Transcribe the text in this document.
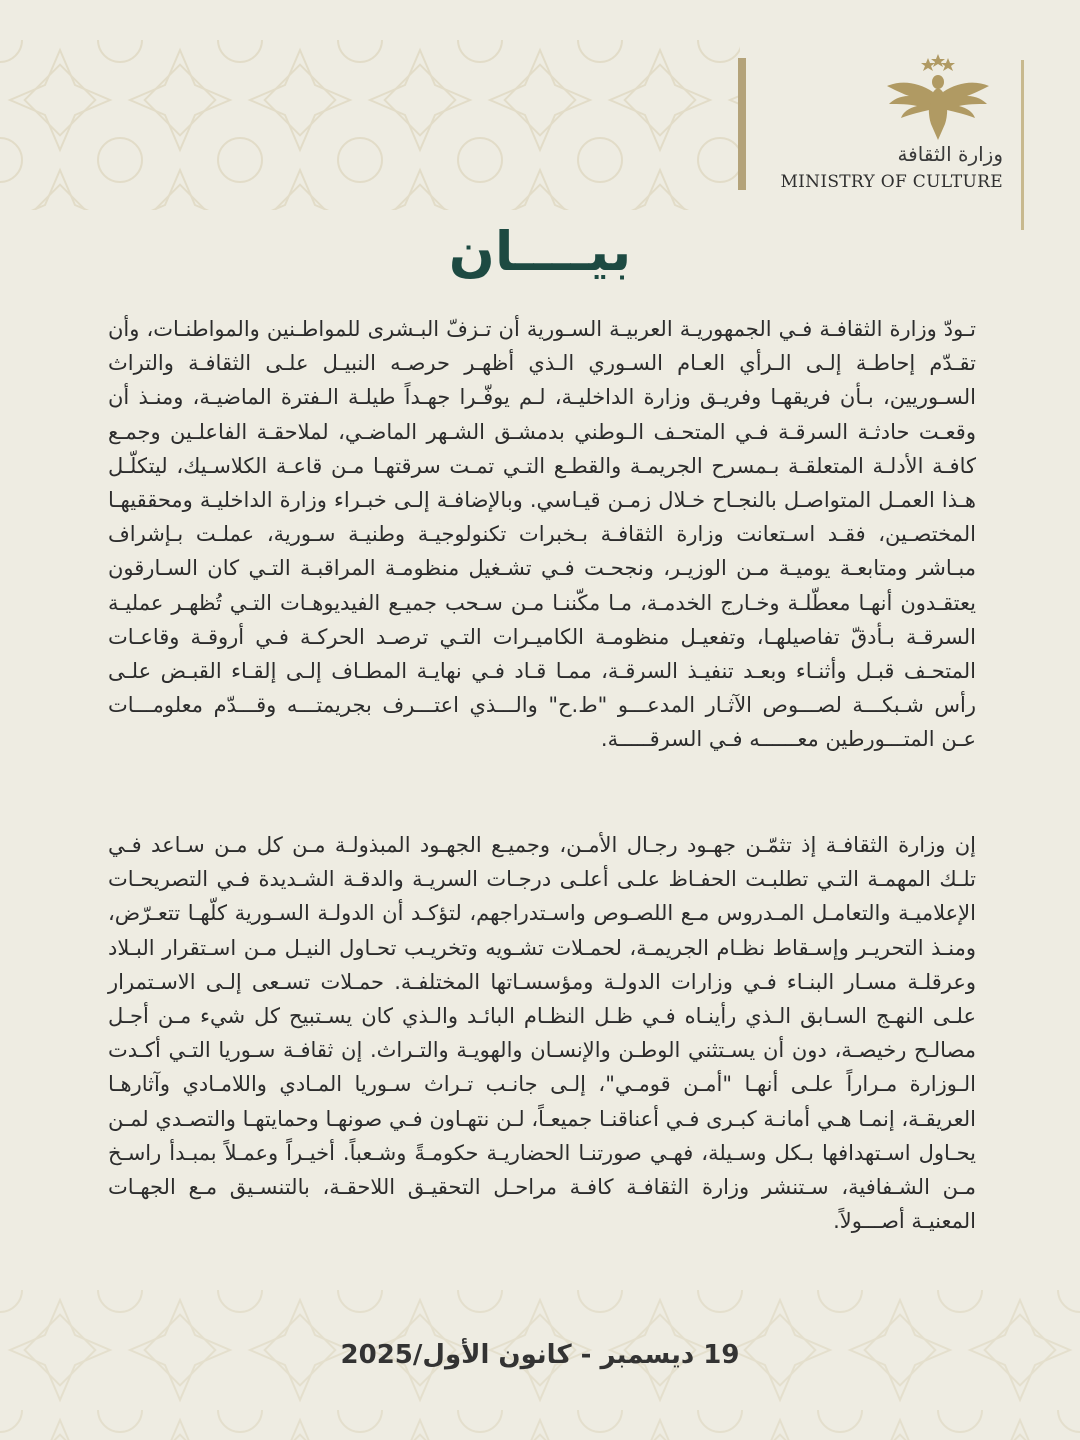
وزارة الثقافة
MINISTRY OF CULTURE
بيــــان

تـودّ وزارة الثقافـة فـي الجمهوريـة العربيـة السـورية أن تـزفّ البـشرى للمواطـنين والمواطنـات، وأن تقـدّم إحاطـة إلـى الـرأي العـام السـوري الـذي أظهـر حرصـه النبيـل علـى الثقافـة والتراث السـوريين، بـأن فريقهـا وفريـق وزارة الداخليـة، لـم يوفّـرا جهـداً طيلـة الـفترة الماضيـة، ومنـذ أن وقعـت حادثـة السرقـة فـي المتحـف الـوطني بدمشـق الشـهر الماضـي، لملاحقـة الفاعلـين وجمـع كافـة الأدلـة المتعلقـة بـمسرح الجريمـة والقطـع التـي تمـت سرقتهـا مـن قاعـة الكلاسـيك، ليتكلّـل هـذا العمـل المتواصـل بالنجـاح خـلال زمـن قيـاسي. وبالإضافـة إلـى خبـراء وزارة الداخليـة ومحققيهـا المختصـين، فقـد اسـتعانت وزارة الثقافـة بـخبرات تكنولوجيـة وطنيـة سـورية، عملـت بـإشراف مبـاشر ومتابعـة يوميـة مـن الوزيـر، ونجحـت فـي تشـغيل منظومـة المراقبـة التـي كان السـارقون يعتقـدون أنهـا معطّلـة وخـارج الخدمـة، مـا مكّننـا مـن سـحب جميـع الفيديوهـات التـي تُظهـر عمليـة السرقـة بـأدقّ تفاصيلهـا، وتفعيـل منظومـة الكاميـرات التـي ترصـد الحركـة فـي أروقـة وقاعـات المتحـف قبـل وأثنـاء وبعـد تنفيـذ السرقـة، ممـا قـاد فـي نهايـة المطـاف إلـى إلقـاء القبـض علـى رأس شـبكـــة لصـــوص الآثـار المدعـــو "ط.ح" والـــذي اعتـــرف بجريمتـــه وقـــدّم معلومـــات عـن المتـــورطين معــــــه فـي السرقـــــة.

إن وزارة الثقافـة إذ تثمّـن جهـود رجـال الأمـن، وجميـع الجهـود المبذولـة مـن كل مـن سـاعد فـي تلـك المهمـة التـي تطلبـت الحفـاظ علـى أعلـى درجـات السريـة والدقـة الشـديدة فـي التصريحـات الإعلاميـة والتعامـل المـدروس مـع اللصـوص واسـتدراجهم، لتؤكـد أن الدولـة السـورية كلّهـا تتعـرّض، ومنـذ التحريـر وإسـقاط نظـام الجريمـة، لحمـلات تشـويه وتخريـب تحـاول النيـل مـن اسـتقرار البـلاد وعرقلـة مسـار البنـاء فـي وزارات الدولـة ومؤسسـاتها المختلفـة. حمـلات تسـعى إلـى الاسـتمرار علـى النهـج السـابق الـذي رأينـاه فـي ظـل النظـام البائـد والـذي كان يسـتبيح كل شيء مـن أجـل مصالـح رخيصـة، دون أن يسـتثني الوطـن والإنسـان والهويـة والتـراث. إن ثقافـة سـوريا التـي أكـدت الـوزارة مـراراً علـى أنهـا "أمـن قومـي"، إلـى جانـب تـراث سـوريا المـادي واللامـادي وآثارهـا العريقـة، إنمـا هـي أمانـة كبـرى فـي أعناقنـا جميعـاً، لـن نتهـاون فـي صونهـا وحمايتهـا والتصـدي لمـن يحـاول اسـتهدافها بـكل وسـيلة، فهـي صورتنـا الحضاريـة حكومـةً وشـعباً. أخيـراً وعمـلاً بمبـدأ راسـخ مـن الشـفافية، سـتنشر وزارة الثقافـة كافـة مراحـل التحقيـق اللاحقـة، بالتنسـيق مـع الجهـات المعنيـة أصـــولاً.

19 ديسمبر - كانون الأول/2025
